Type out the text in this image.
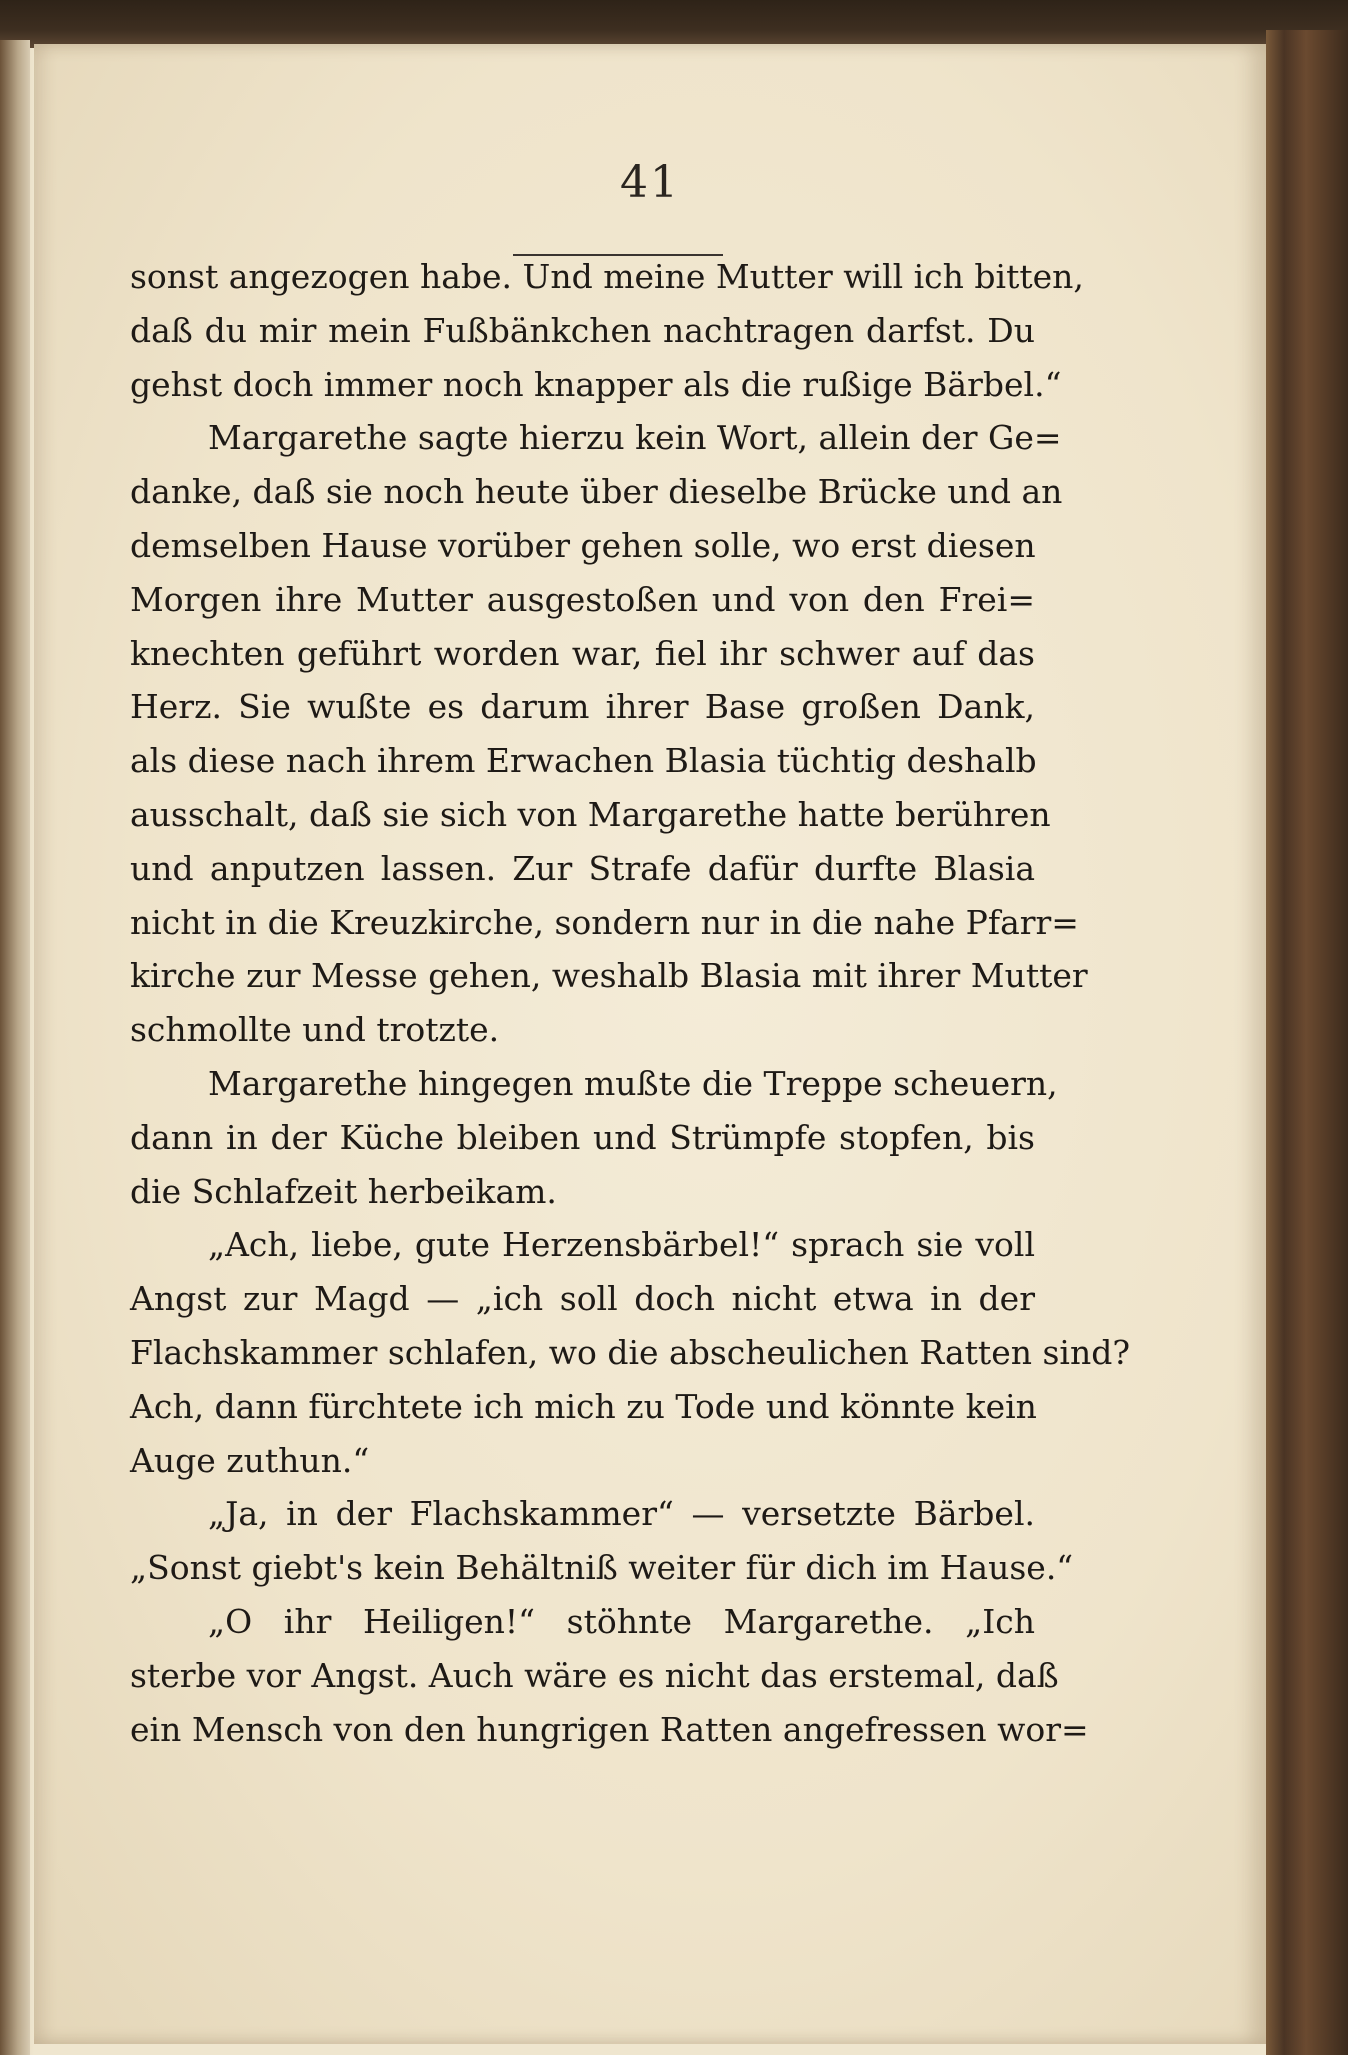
41
sonst angezogen habe. Und meine Mutter will ich bitten,
daß du mir mein Fußbänkchen nachtragen darfst. Du
gehst doch immer noch knapper als die rußige Bärbel.“
Margarethe sagte hierzu kein Wort, allein der Ge=
danke, daß sie noch heute über dieselbe Brücke und an
demselben Hause vorüber gehen solle, wo erst diesen
Morgen ihre Mutter ausgestoßen und von den Frei=
knechten geführt worden war, fiel ihr schwer auf das
Herz. Sie wußte es darum ihrer Base großen Dank,
als diese nach ihrem Erwachen Blasia tüchtig deshalb
ausschalt, daß sie sich von Margarethe hatte berühren
und anputzen lassen. Zur Strafe dafür durfte Blasia
nicht in die Kreuzkirche, sondern nur in die nahe Pfarr=
kirche zur Messe gehen, weshalb Blasia mit ihrer Mutter
schmollte und trotzte.
Margarethe hingegen mußte die Treppe scheuern,
dann in der Küche bleiben und Strümpfe stopfen, bis
die Schlafzeit herbeikam.
„Ach, liebe, gute Herzensbärbel!“ sprach sie voll
Angst zur Magd — „ich soll doch nicht etwa in der
Flachskammer schlafen, wo die abscheulichen Ratten sind?
Ach, dann fürchtete ich mich zu Tode und könnte kein
Auge zuthun.“
„Ja, in der Flachskammer“ — versetzte Bärbel.
„Sonst giebt's kein Behältniß weiter für dich im Hause.“
„O ihr Heiligen!“ stöhnte Margarethe. „Ich
sterbe vor Angst. Auch wäre es nicht das erstemal, daß
ein Mensch von den hungrigen Ratten angefressen wor=
